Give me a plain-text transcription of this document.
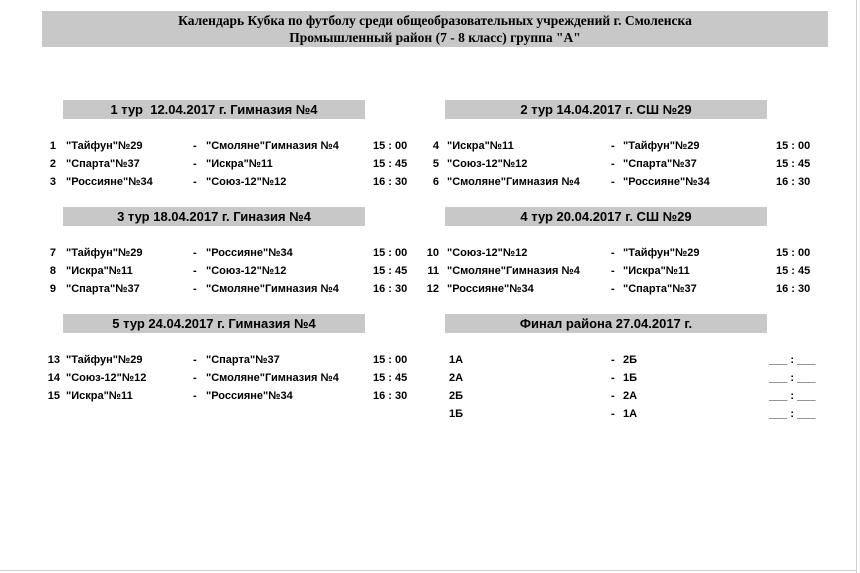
Календарь Кубка по футболу среди общеобразовательных учреждений г. Смоленска
Промышленный район (7 - 8 класс) группа "А"
1 тур  12.04.2017 г. Гимназия №4
1 "Тайфун"№29	- "Смоляне"Гимназия №4	15 : 00
2 "Спарта"№37	- "Искра"№11	15 : 45
3 "Россияне"№34	- "Союз-12"№12	16 : 30
2 тур 14.04.2017 г. СШ №29
4 "Искра"№11	- "Тайфун"№29	15 : 00
5 "Союз-12"№12	- "Спарта"№37	15 : 45
6 "Смоляне"Гимназия №4	- "Россияне"№34	16 : 30
3 тур 18.04.2017 г. Гиназия №4
7 "Тайфун"№29	- "Россияне"№34	15 : 00
8 "Искра"№11	- "Союз-12"№12	15 : 45
9 "Спарта"№37	- "Смоляне"Гимназия №4	16 : 30
4 тур 20.04.2017 г. СШ №29
10 "Союз-12"№12	- "Тайфун"№29	15 : 00
11 "Смоляне"Гимназия №4	- "Искра"№11	15 : 45
12 "Россияне"№34	- "Спарта"№37	16 : 30
5 тур 24.04.2017 г. Гимназия №4
13 "Тайфун"№29	- "Спарта"№37	15 : 00
14 "Союз-12"№12	- "Смоляне"Гимназия №4	15 : 45
15 "Искра"№11	- "Россияне"№34	16 : 30
Финал района 27.04.2017 г.
1А	- 2Б	___ : ___
2А	- 1Б	___ : ___
2Б	- 2А	___ : ___
1Б	- 1А	___ : ___
